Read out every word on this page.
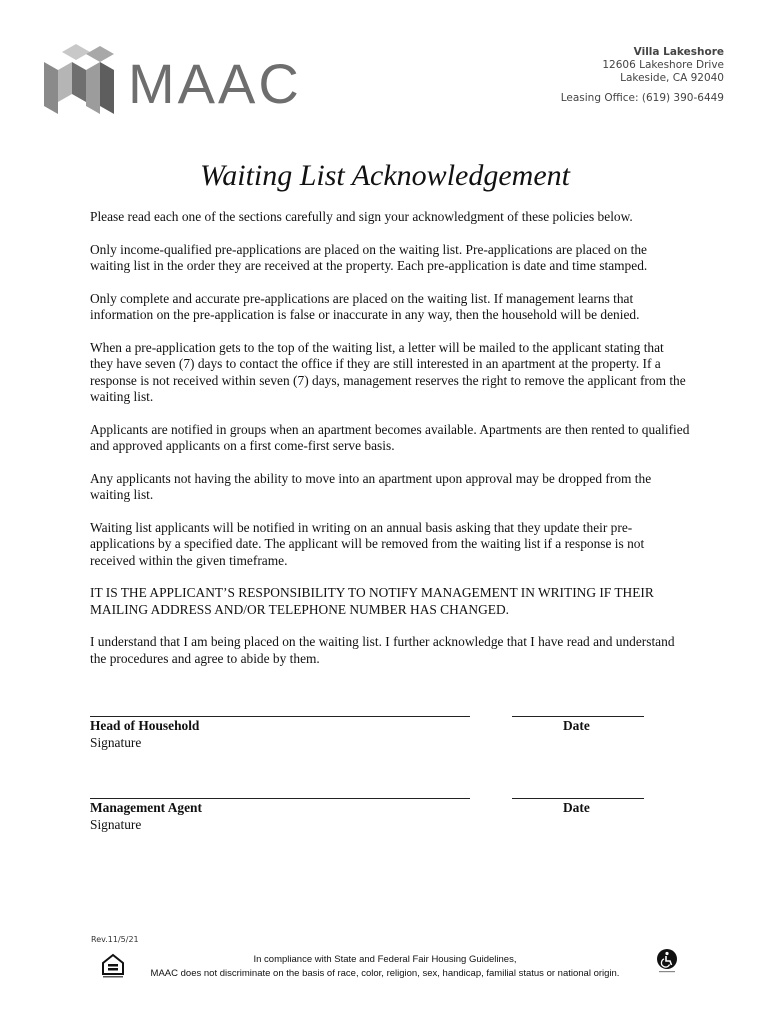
MAAC	Villa Lakeshore
12606 Lakeshore Drive
Lakeside, CA 92040
Leasing Office: (619) 390-6449
Waiting List Acknowledgement

Please read each one of the sections carefully and sign your acknowledgment of these policies below.

Only income-qualified pre-applications are placed on the waiting list. Pre-applications are placed on the waiting list in the order they are received at the property. Each pre-application is date and time stamped.

Only complete and accurate pre-applications are placed on the waiting list. If management learns that information on the pre-application is false or inaccurate in any way, then the household will be denied.

When a pre-application gets to the top of the waiting list, a letter will be mailed to the applicant stating that they have seven (7) days to contact the office if they are still interested in an apartment at the property. If a response is not received within seven (7) days, management reserves the right to remove the applicant from the waiting list.

Applicants are notified in groups when an apartment becomes available. Apartments are then rented to qualified and approved applicants on a first come-first serve basis.

Any applicants not having the ability to move into an apartment upon approval may be dropped from the waiting list.

Waiting list applicants will be notified in writing on an annual basis asking that they update their pre-applications by a specified date. The applicant will be removed from the waiting list if a response is not received within the given timeframe.

IT IS THE APPLICANT’S RESPONSIBILITY TO NOTIFY MANAGEMENT IN WRITING IF THEIR MAILING ADDRESS AND/OR TELEPHONE NUMBER HAS CHANGED.

I understand that I am being placed on the waiting list. I further acknowledge that I have read and understand the procedures and agree to abide by them.

Head of Household	Date
Signature
Management Agent	Date
Signature
Rev.11/5/21
In compliance with State and Federal Fair Housing Guidelines,
MAAC does not discriminate on the basis of race, color, religion, sex, handicap, familial status or national origin.
